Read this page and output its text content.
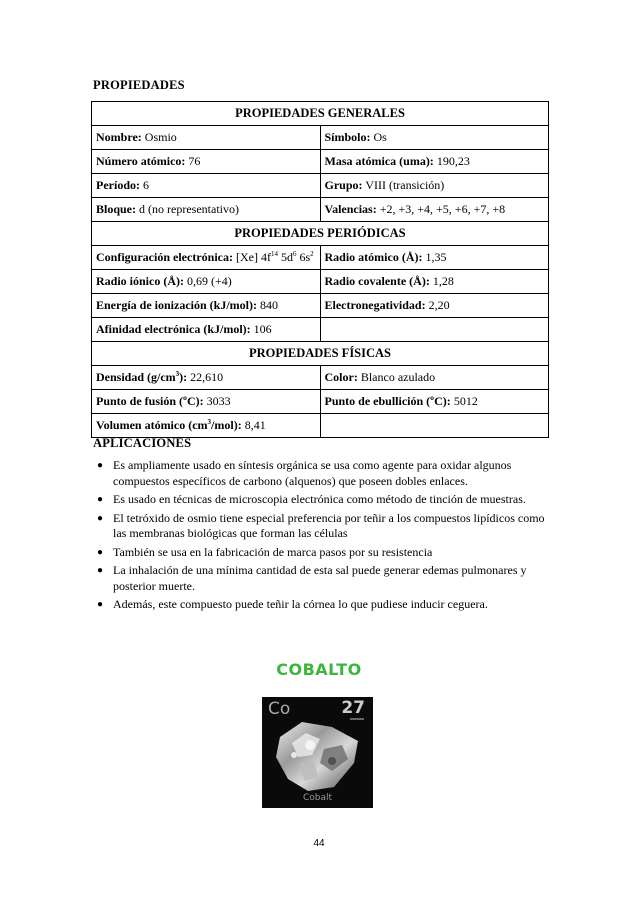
PROPIEDADES
PROPIEDADES GENERALES	
Nombre: Osmio	Símbolo: Os
Número atómico: 76	Masa atómica (uma): 190,23
Período: 6	Grupo: VIII (transición)
Bloque: d (no representativo)	Valencias: +2, +3, +4, +5, +6, +7, +8
PROPIEDADES PERIÓDICAS	
Configuración electrónica: [Xe] $4f^{14}$ $5d^6$ $6s^2$	Radio atómico (Å): 1,35
Radio iónico (Å): 0,69 (+4)	Radio covalente (Å): 1,28
Energía de ionización (kJ/mol): 840	Electronegatividad: 2,20
Afinidad electrónica (kJ/mol): 106	
PROPIEDADES FÍSICAS	
Densidad $(g/cm^3)$: 22,610	Color: Blanco azulado
Punto de fusión (ºC): 3033	Punto de ebullición (ºC): 5012
Volumen atómico $(cm^3/mol)$: 8,41	
APLICACIONES
● Es ampliamente usado en síntesis orgánica se usa como agente para oxidar algunos compuestos específicos de carbono (alquenos) que poseen dobles enlaces.
● Es usado en técnicas de microscopia electrónica como método de tinción de muestras.
● El tetróxido de osmio tiene especial preferencia por teñir a los compuestos lipídicos como las membranas biológicas que forman las células
● También se usa en la fabricación de marca pasos por su resistencia
● La inhalación de una mínima cantidad de esta sal puede generar edemas pulmonares y posterior muerte.
● Además, este compuesto puede teñir la córnea lo que pudiese inducir ceguera.
COBALTO
Co	27
Cobalt
44
